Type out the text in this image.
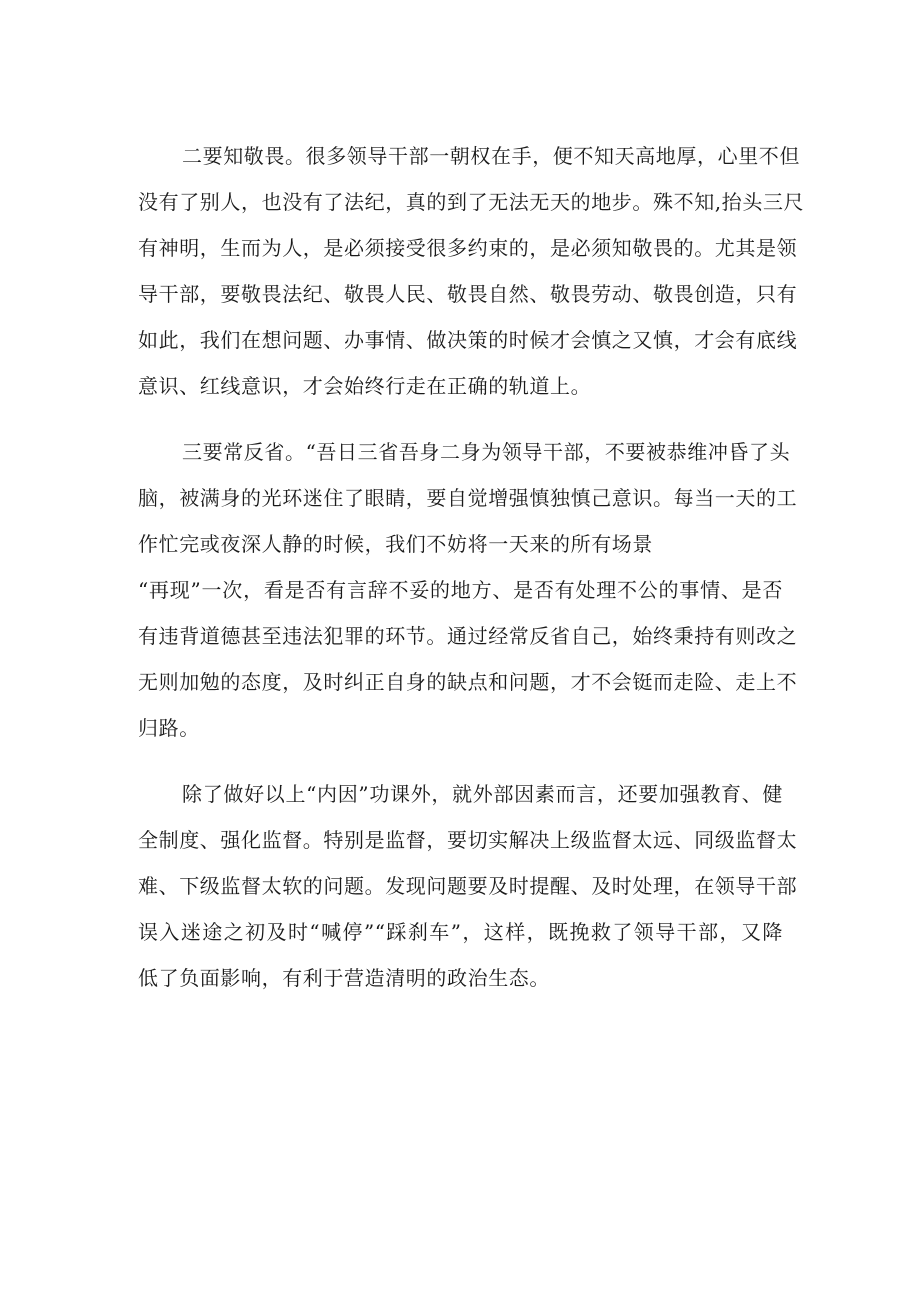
二要知敬畏。很多领导干部一朝权在手，便不知天高地厚，心里不但
没有了别人，也没有了法纪，真的到了无法无天的地步。殊不知,抬头三尺
有神明，生而为人，是必须接受很多约束的，是必须知敬畏的。尤其是领
导干部，要敬畏法纪、敬畏人民、敬畏自然、敬畏劳动、敬畏创造，只有
如此，我们在想问题、办事情、做决策的时候才会慎之又慎，才会有底线
意识、红线意识，才会始终行走在正确的轨道上。
三要常反省。“吾日三省吾身二身为领导干部，不要被恭维冲昏了头
脑，被满身的光环迷住了眼睛，要自觉增强慎独慎己意识。每当一天的工
作忙完或夜深人静的时候，我们不妨将一天来的所有场景
“再现”一次，看是否有言辞不妥的地方、是否有处理不公的事情、是否
有违背道德甚至违法犯罪的环节。通过经常反省自己，始终秉持有则改之
无则加勉的态度，及时纠正自身的缺点和问题，才不会铤而走险、走上不
归路。
除了做好以上“内因”功课外，就外部因素而言，还要加强教育、健
全制度、强化监督。特别是监督，要切实解决上级监督太远、同级监督太
难、下级监督太软的问题。发现问题要及时提醒、及时处理，在领导干部
误入迷途之初及时“喊停”“踩刹车”，这样，既挽救了领导干部，又降
低了负面影响，有利于营造清明的政治生态。
